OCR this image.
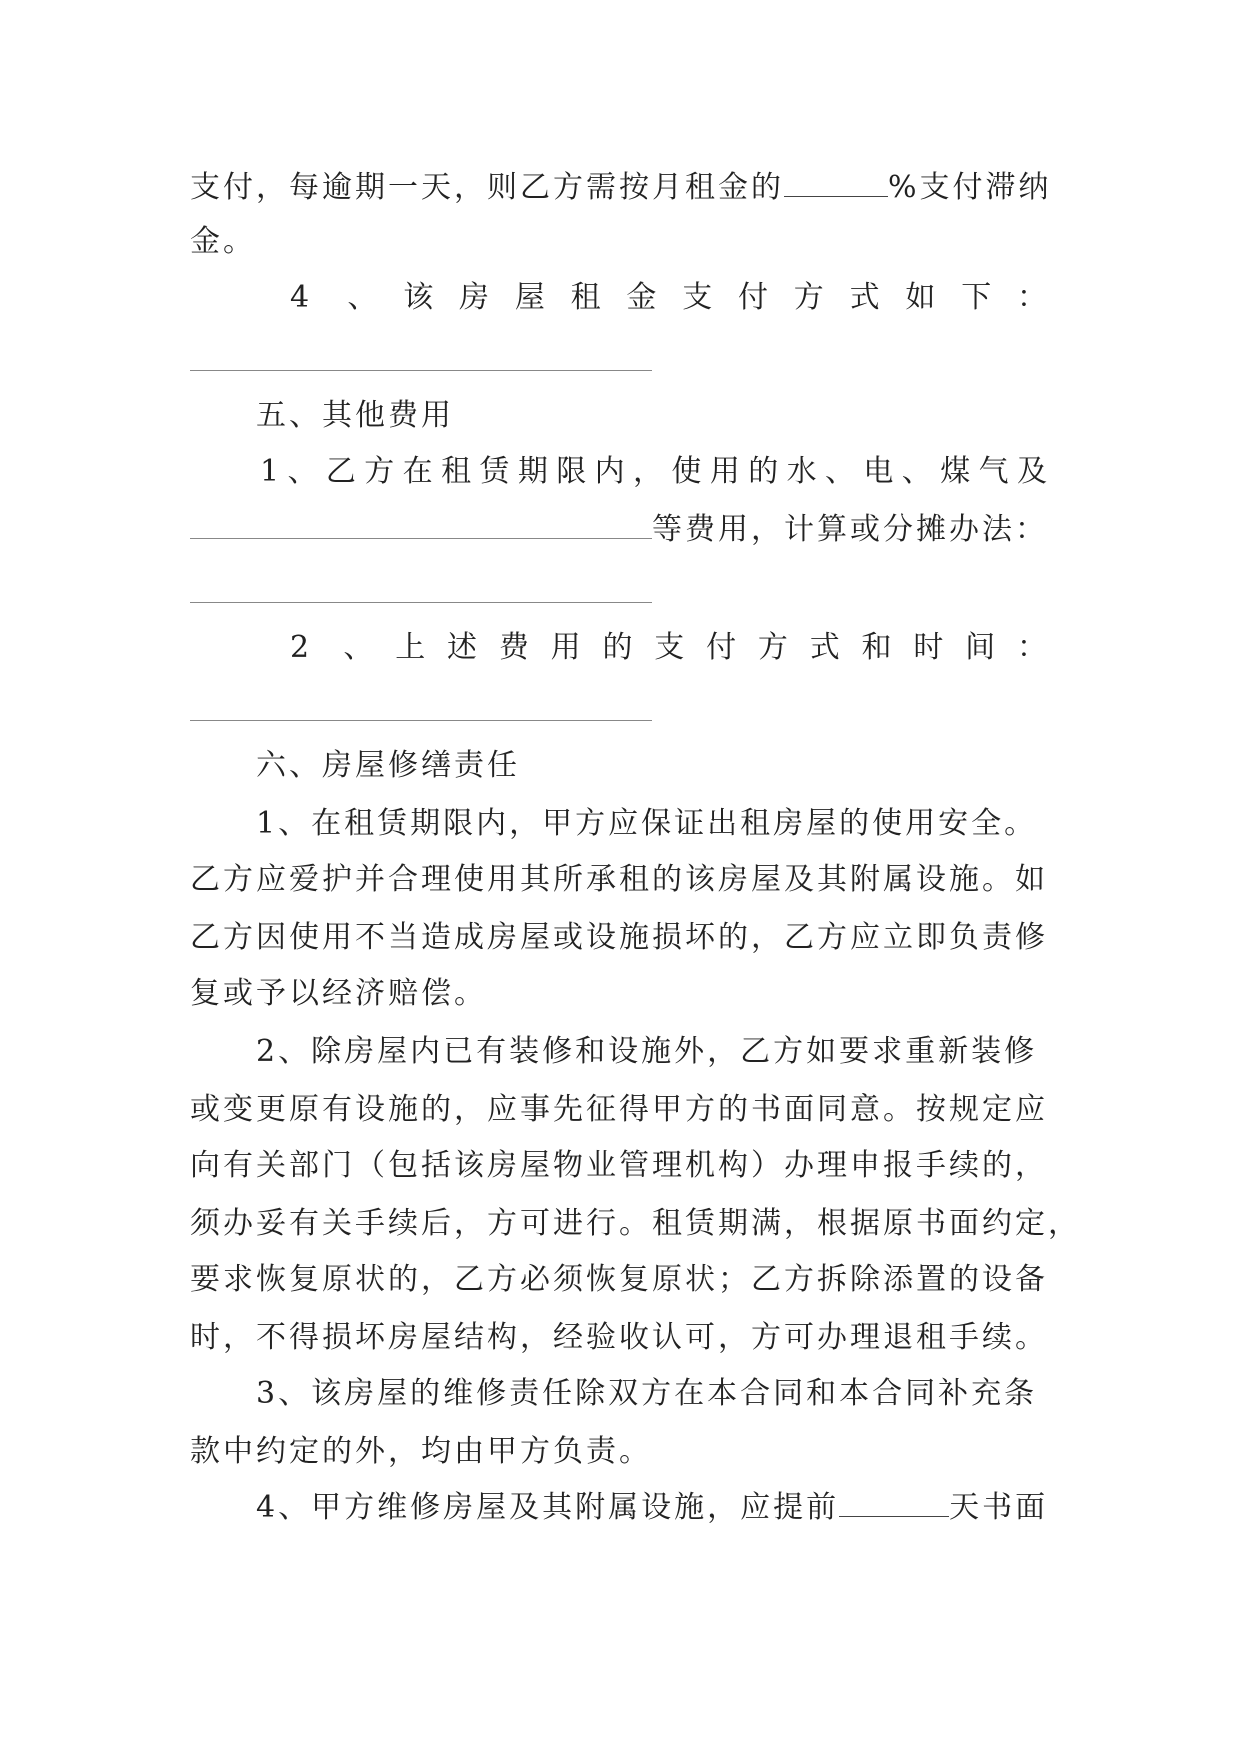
支付，每逾期一天，则乙方需按月租金的	%支付滞纳
金。
4 、该房屋租金支付方式如下：
五、其他费用
1、乙方在租赁期限内，使用的水、电、煤气及
等费用，计算或分摊办法：
2 、上述费用的支付方式和时间：
六、房屋修缮责任
1、在租赁期限内，甲方应保证出租房屋的使用安全。
乙方应爱护并合理使用其所承租的该房屋及其附属设施。如
乙方因使用不当造成房屋或设施损坏的，乙方应立即负责修
复或予以经济赔偿。
2、除房屋内已有装修和设施外，乙方如要求重新装修
或变更原有设施的，应事先征得甲方的书面同意。按规定应
向有关部门（包括该房屋物业管理机构）办理申报手续的，
须办妥有关手续后，方可进行。租赁期满，根据原书面约定，
要求恢复原状的，乙方必须恢复原状；乙方拆除添置的设备
时，不得损坏房屋结构，经验收认可，方可办理退租手续。
3、该房屋的维修责任除双方在本合同和本合同补充条
款中约定的外，均由甲方负责。
4、甲方维修房屋及其附属设施，应提前	天书面
